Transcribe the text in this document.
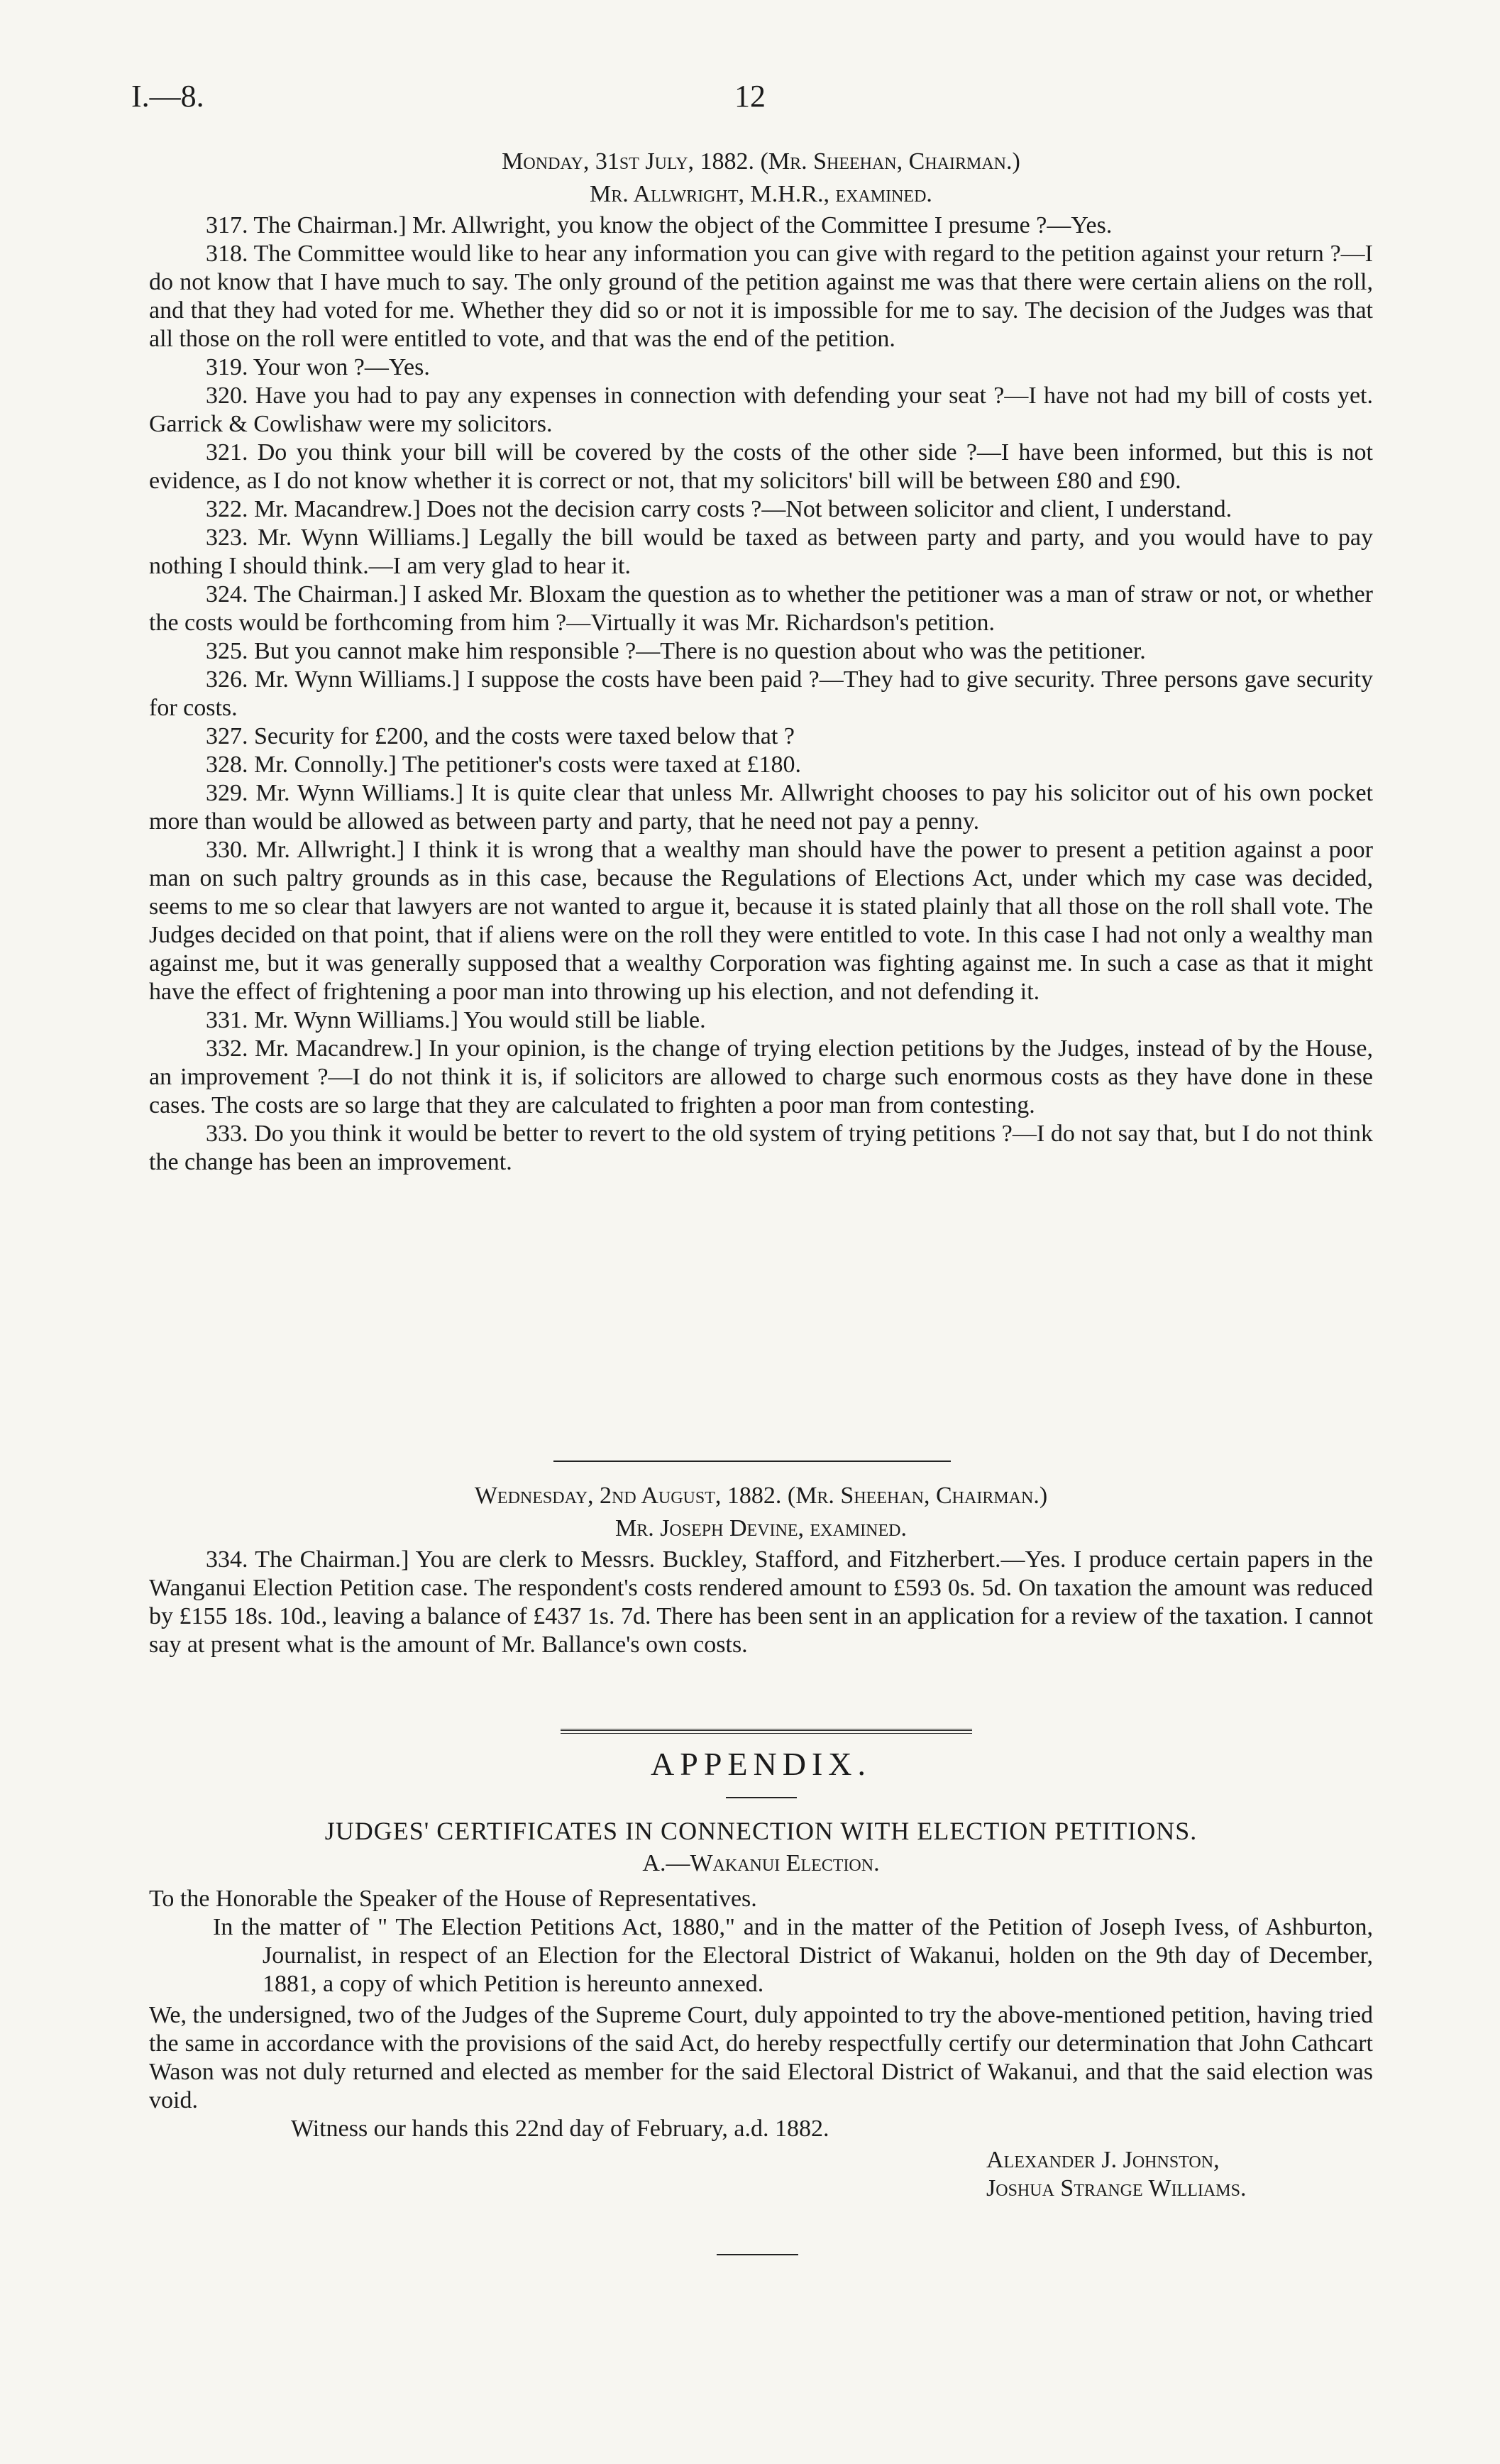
I.—8.	12

Monday, 31st July, 1882. (Mr. Sheehan, Chairman.)

Mr. Allwright, M.H.R., examined.

317. The Chairman.] Mr. Allwright, you know the object of the Committee I presume ?—Yes.

318. The Committee would like to hear any information you can give with regard to the petition against your return ?—I do not know that I have much to say. The only ground of the petition against me was that there were certain aliens on the roll, and that they had voted for me. Whether they did so or not it is impossible for me to say. The decision of the Judges was that all those on the roll were entitled to vote, and that was the end of the petition.

319. Your won ?—Yes.

320. Have you had to pay any expenses in connection with defending your seat ?—I have not had my bill of costs yet. Garrick & Cowlishaw were my solicitors.

321. Do you think your bill will be covered by the costs of the other side ?—I have been informed, but this is not evidence, as I do not know whether it is correct or not, that my solicitors' bill will be between £80 and £90.

322. Mr. Macandrew.] Does not the decision carry costs ?—Not between solicitor and client, I understand.

323. Mr. Wynn Williams.] Legally the bill would be taxed as between party and party, and you would have to pay nothing I should think.—I am very glad to hear it.

324. The Chairman.] I asked Mr. Bloxam the question as to whether the petitioner was a man of straw or not, or whether the costs would be forthcoming from him ?—Virtually it was Mr. Richardson's petition.

325. But you cannot make him responsible ?—There is no question about who was the petitioner.

326. Mr. Wynn Williams.] I suppose the costs have been paid ?—They had to give security. Three persons gave security for costs.

327. Security for £200, and the costs were taxed below that ?

328. Mr. Connolly.] The petitioner's costs were taxed at £180.

329. Mr. Wynn Williams.] It is quite clear that unless Mr. Allwright chooses to pay his solicitor out of his own pocket more than would be allowed as between party and party, that he need not pay a penny.

330. Mr. Allwright.] I think it is wrong that a wealthy man should have the power to present a petition against a poor man on such paltry grounds as in this case, because the Regulations of Elections Act, under which my case was decided, seems to me so clear that lawyers are not wanted to argue it, because it is stated plainly that all those on the roll shall vote. The Judges decided on that point, that if aliens were on the roll they were entitled to vote. In this case I had not only a wealthy man against me, but it was generally supposed that a wealthy Corporation was fighting against me. In such a case as that it might have the effect of frightening a poor man into throwing up his election, and not defending it.

331. Mr. Wynn Williams.] You would still be liable.

332. Mr. Macandrew.] In your opinion, is the change of trying election petitions by the Judges, instead of by the House, an improvement ?—I do not think it is, if solicitors are allowed to charge such enormous costs as they have done in these cases. The costs are so large that they are calculated to frighten a poor man from contesting.

333. Do you think it would be better to revert to the old system of trying petitions ?—I do not say that, but I do not think the change has been an improvement.

Wednesday, 2nd August, 1882. (Mr. Sheehan, Chairman.)

Mr. Joseph Devine, examined.

334. The Chairman.] You are clerk to Messrs. Buckley, Stafford, and Fitzherbert.—Yes. I produce certain papers in the Wanganui Election Petition case. The respondent's costs rendered amount to £593 0s. 5d. On taxation the amount was reduced by £155 18s. 10d., leaving a balance of £437 1s. 7d. There has been sent in an application for a review of the taxation. I cannot say at present what is the amount of Mr. Ballance's own costs.

APPENDIX.

JUDGES' CERTIFICATES IN CONNECTION WITH ELECTION PETITIONS.

A.—Wakanui Election.

To the Honorable the Speaker of the House of Representatives.

In the matter of " The Election Petitions Act, 1880," and in the matter of the Petition of Joseph Ivess, of Ashburton, Journalist, in respect of an Election for the Electoral District of Wakanui, holden on the 9th day of December, 1881, a copy of which Petition is hereunto annexed.

We, the undersigned, two of the Judges of the Supreme Court, duly appointed to try the above-mentioned petition, having tried the same in accordance with the provisions of the said Act, do hereby respectfully certify our determination that John Cathcart Wason was not duly returned and elected as member for the said Electoral District of Wakanui, and that the said election was void.

Witness our hands this 22nd day of February, a.d. 1882.

Alexander J. Johnston,

Joshua Strange Williams.
